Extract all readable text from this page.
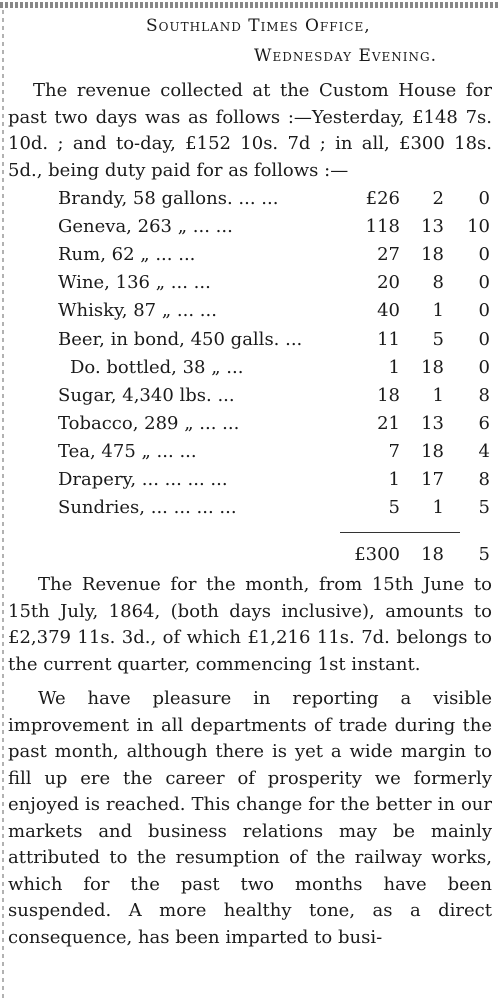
Southland Times Office,
Wednesday Evening.
The revenue collected at the Custom House for past two days was as follows :—Yesterday, £148 7s. 10d. ; and to-day, £152 10s. 7d ; in all, £300 18s. 5d., being duty paid for as follows :—
Brandy, 58 gallons. ... ...	£26 2	0
Geneva, 263 „ ... ...	118 13	10
Rum, 62 „ ... ...	27 18	0
Wine, 136 „ ... ...	20 8	0
Whisky, 87 „ ... ...	40 1	0
Beer, in bond, 450 galls. ...	11 5	0
Do. bottled, 38 „ ...	1 18	0
Sugar, 4,340 lbs. ...	18 1	8
Tobacco, 289 „ ... ...	21 13	6
Tea, 475 „ ... ...	7 18	4
Drapery, ... ... ... ...	1 17	8
Sundries, ... ... ... ...	5 1	5
£300 18	5
The Revenue for the month, from 15th June to 15th July, 1864, (both days inclusive), amounts to £2,379 11s. 3d., of which £1,216 11s. 7d. belongs to the current quarter, commencing 1st instant.
We have pleasure in reporting a visible improvement in all departments of trade during the past month, although there is yet a wide margin to fill up ere the career of prosperity we formerly enjoyed is reached. This change for the better in our markets and business relations may be mainly attributed to the resumption of the railway works, which for the past two months have been suspended. A more healthy tone, as a direct consequence, has been imparted to busi-
